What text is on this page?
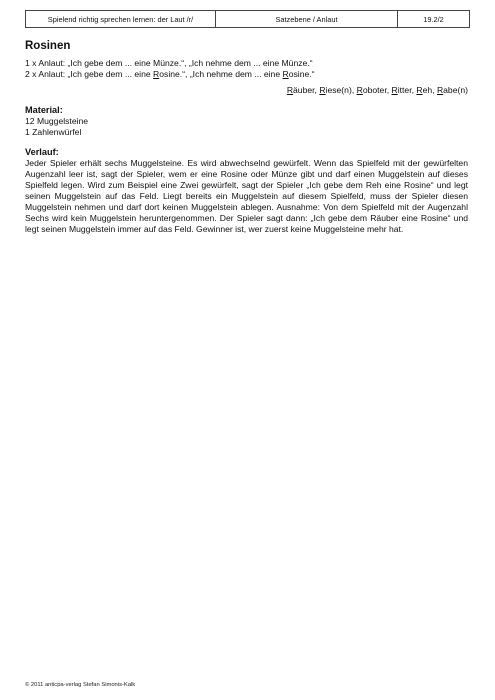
Spielend richtig sprechen lernen: der Laut /r/	Satzebene / Anlaut	19.2/2
Rosinen
1 x Anlaut: „Ich gebe dem ... eine Münze.“, „Ich nehme dem ... eine Münze.“
2 x Anlaut: „Ich gebe dem ... eine Rosine.“, „Ich nehme dem ... eine Rosine.“
Räuber, Riese(n), Roboter, Ritter, Reh, Rabe(n)
Material:
12 Muggelsteine
1 Zahlenwürfel
Verlauf:
Jeder Spieler erhält sechs Muggelsteine. Es wird abwechselnd gewürfelt. Wenn das Spielfeld mit der gewürfelten Augenzahl leer ist, sagt der Spieler, wem er eine Rosine oder Münze gibt und darf einen Muggelstein auf dieses Spielfeld legen. Wird zum Beispiel eine Zwei gewürfelt, sagt der Spieler „Ich gebe dem Reh eine Rosine“ und legt seinen Muggelstein auf das Feld. Liegt bereits ein Muggelstein auf diesem Spielfeld, muss der Spieler diesen Muggelstein nehmen und darf dort keinen Muggelstein ablegen. Ausnahme: Von dem Spielfeld mit der Augenzahl Sechs wird kein Muggelstein heruntergenommen. Der Spieler sagt dann: „Ich gebe dem Räuber eine Rosine“ und legt seinen Muggelstein immer auf das Feld. Gewinner ist, wer zuerst keine Muggelsteine mehr hat.
© 2011 anticpa-verlag Stefan Simonis-Kalk
